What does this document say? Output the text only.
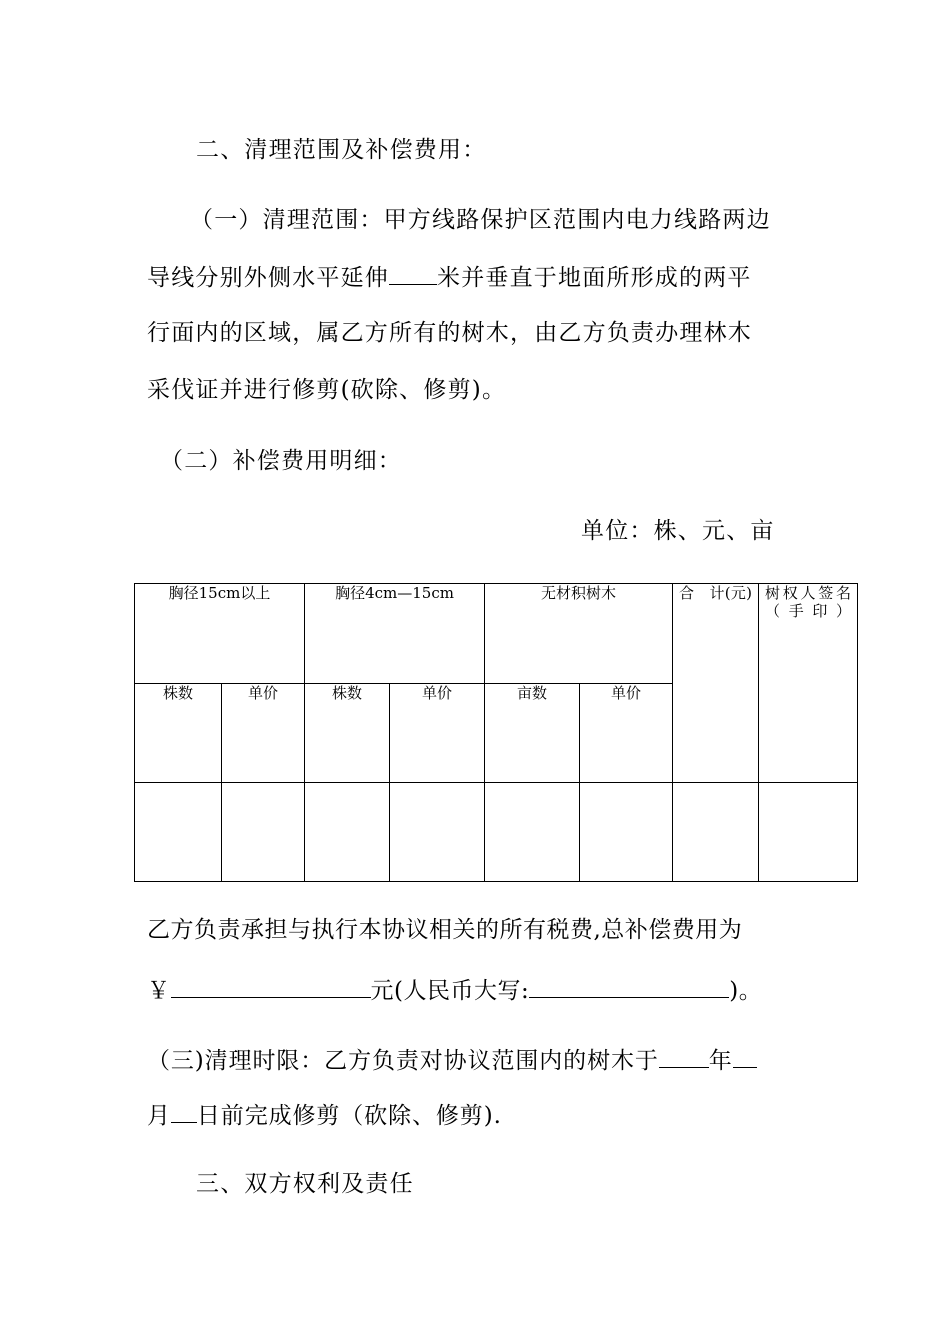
二、清理范围及补偿费用：
（一）清理范围：甲方线路保护区范围内电力线路两边
导线分别外侧水平延伸 米并垂直于地面所形成的两平
行面内的区域，属乙方所有的树木，由乙方负责办理林木
采伐证并进行修剪(砍除、修剪)。
（二）补偿费用明细：
单位：株、元、亩
胸径15cm以上		胸径4cm—15cm		无材积树木		合　计(元)	树权人签名（手印）
株数	单价	株数	单价	亩数	单价		

乙方负责承担与执行本协议相关的所有税费,总补偿费用为
￥	元(人民币大写:	)。
（三)清理时限：乙方负责对协议范围内的树木于 年
月 日前完成修剪（砍除、修剪).
三、双方权利及责任
